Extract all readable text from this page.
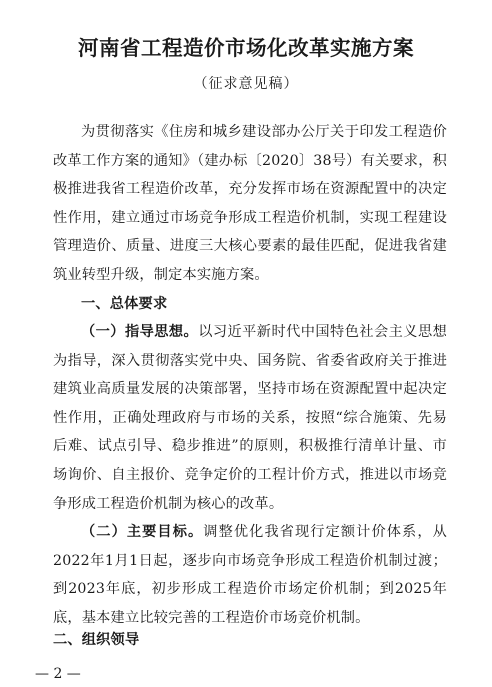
河南省工程造价市场化改革实施方案
（征求意见稿）
为贯彻落实《住房和城乡建设部办公厅关于印发工程造价改革工作方案的通知》（建办标〔2020〕38号）有关要求，积极推进我省工程造价改革，充分发挥市场在资源配置中的决定性作用，建立通过市场竞争形成工程造价机制，实现工程建设管理造价、质量、进度三大核心要素的最佳匹配，促进我省建筑业转型升级，制定本实施方案。
一、总体要求
（一）指导思想。以习近平新时代中国特色社会主义思想为指导，深入贯彻落实党中央、国务院、省委省政府关于推进建筑业高质量发展的决策部署，坚持市场在资源配置中起决定性作用，正确处理政府与市场的关系，按照“综合施策、先易后难、试点引导、稳步推进”的原则，积极推行清单计量、市场询价、自主报价、竞争定价的工程计价方式，推进以市场竞争形成工程造价机制为核心的改革。
（二）主要目标。调整优化我省现行定额计价体系，从2022年1月1日起，逐步向市场竞争形成工程造价机制过渡；到2023年底，初步形成工程造价市场定价机制；到2025年底，基本建立比较完善的工程造价市场竞价机制。
二、组织领导
— 2 —
